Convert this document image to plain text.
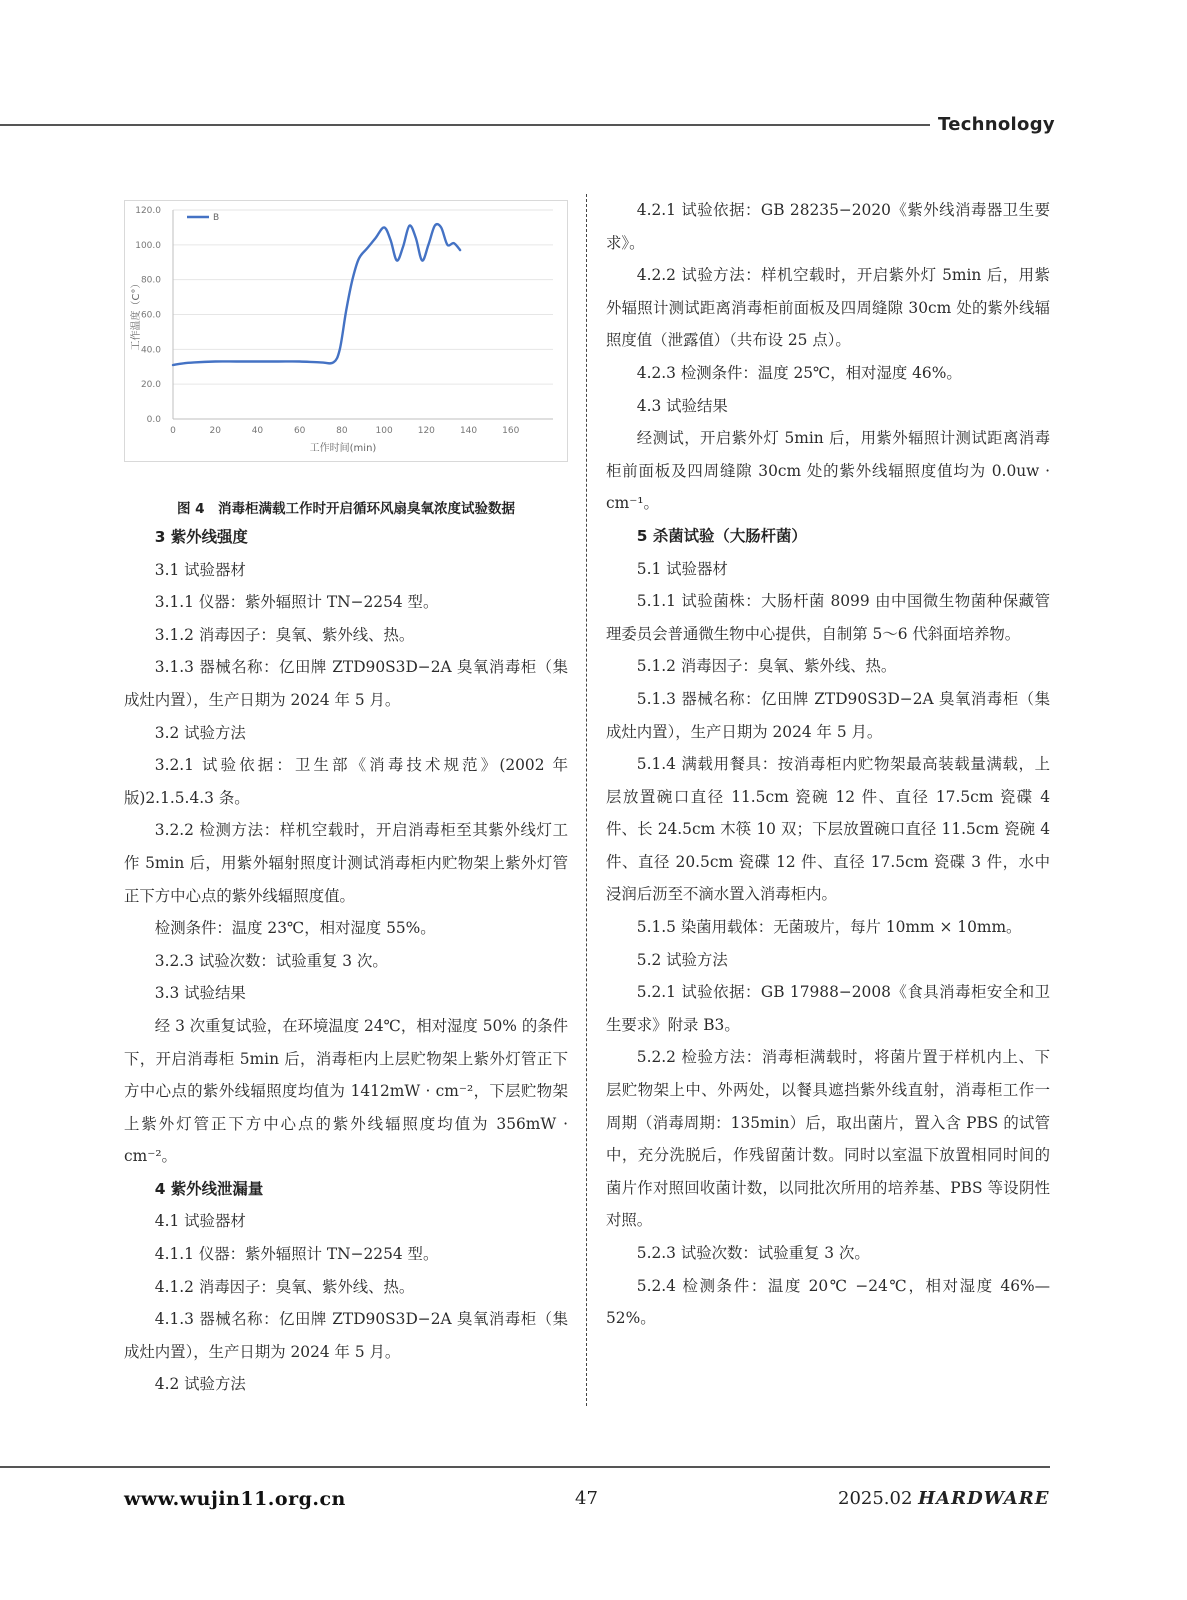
Technology
0.0
20.0
40.0
60.0
80.0
100.0
120.0
0	20	40	60	80	100	120	140	160
B
工作时间(min)
工作温度（C°）
图 4　消毒柜满载工作时开启循环风扇臭氧浓度试验数据

3 紫外线强度

3.1 试验器材

3.1.1 仪器：紫外辐照计 TN−2254 型。

3.1.2 消毒因子：臭氧、紫外线、热。

3.1.3 器械名称：亿田牌 ZTD90S3D−2A 臭氧消毒柜（集成灶内置），生产日期为 2024 年 5 月。

3.2 试验方法

3.2.1 试验依据：卫生部《消毒技术规范》(2002 年版)2.1.5.4.3 条。

3.2.2 检测方法：样机空载时，开启消毒柜至其紫外线灯工作 5min 后，用紫外辐射照度计测试消毒柜内贮物架上紫外灯管正下方中心点的紫外线辐照度值。

检测条件：温度 23℃，相对湿度 55%。

3.2.3 试验次数：试验重复 3 次。

3.3 试验结果

经 3 次重复试验，在环境温度 24℃，相对湿度 50% 的条件下，开启消毒柜 5min 后，消毒柜内上层贮物架上紫外灯管正下方中心点的紫外线辐照度均值为 1412mW · cm⁻²，下层贮物架上紫外灯管正下方中心点的紫外线辐照度均值为 356mW · cm⁻²。

4 紫外线泄漏量

4.1 试验器材

4.1.1 仪器：紫外辐照计 TN−2254 型。

4.1.2 消毒因子：臭氧、紫外线、热。

4.1.3 器械名称：亿田牌 ZTD90S3D−2A 臭氧消毒柜（集成灶内置），生产日期为 2024 年 5 月。

4.2 试验方法

4.2.1 试验依据：GB 28235−2020《紫外线消毒器卫生要求》。

4.2.2 试验方法：样机空载时，开启紫外灯 5min 后，用紫外辐照计测试距离消毒柜前面板及四周缝隙 30cm 处的紫外线辐照度值（泄露值）（共布设 25 点）。

4.2.3 检测条件：温度 25℃，相对湿度 46%。

4.3 试验结果

经测试，开启紫外灯 5min 后，用紫外辐照计测试距离消毒柜前面板及四周缝隙 30cm 处的紫外线辐照度值均为 0.0uw · cm⁻¹。

5 杀菌试验（大肠杆菌）

5.1 试验器材

5.1.1 试验菌株：大肠杆菌 8099 由中国微生物菌种保藏管理委员会普通微生物中心提供，自制第 5～6 代斜面培养物。

5.1.2 消毒因子：臭氧、紫外线、热。

5.1.3 器械名称：亿田牌 ZTD90S3D−2A 臭氧消毒柜（集成灶内置），生产日期为 2024 年 5 月。

5.1.4 满载用餐具：按消毒柜内贮物架最高装载量满载，上层放置碗口直径 11.5cm 瓷碗 12 件、直径 17.5cm 瓷碟 4 件、长 24.5cm 木筷 10 双；下层放置碗口直径 11.5cm 瓷碗 4 件、直径 20.5cm 瓷碟 12 件、直径 17.5cm 瓷碟 3 件，水中浸润后沥至不滴水置入消毒柜内。

5.1.5 染菌用载体：无菌玻片，每片 10mm × 10mm。

5.2 试验方法

5.2.1 试验依据：GB 17988−2008《食具消毒柜安全和卫生要求》附录 B3。

5.2.2 检验方法：消毒柜满载时，将菌片置于样机内上、下层贮物架上中、外两处，以餐具遮挡紫外线直射，消毒柜工作一周期（消毒周期：135min）后，取出菌片，置入含 PBS 的试管中，充分洗脱后，作残留菌计数。同时以室温下放置相同时间的菌片作对照回收菌计数，以同批次所用的培养基、PBS 等设阴性对照。

5.2.3 试验次数：试验重复 3 次。

5.2.4 检测条件：温度 20℃ −24℃，相对湿度 46%—52%。

www.wujin11.org.cn	47	2025.02 HARDWARE
